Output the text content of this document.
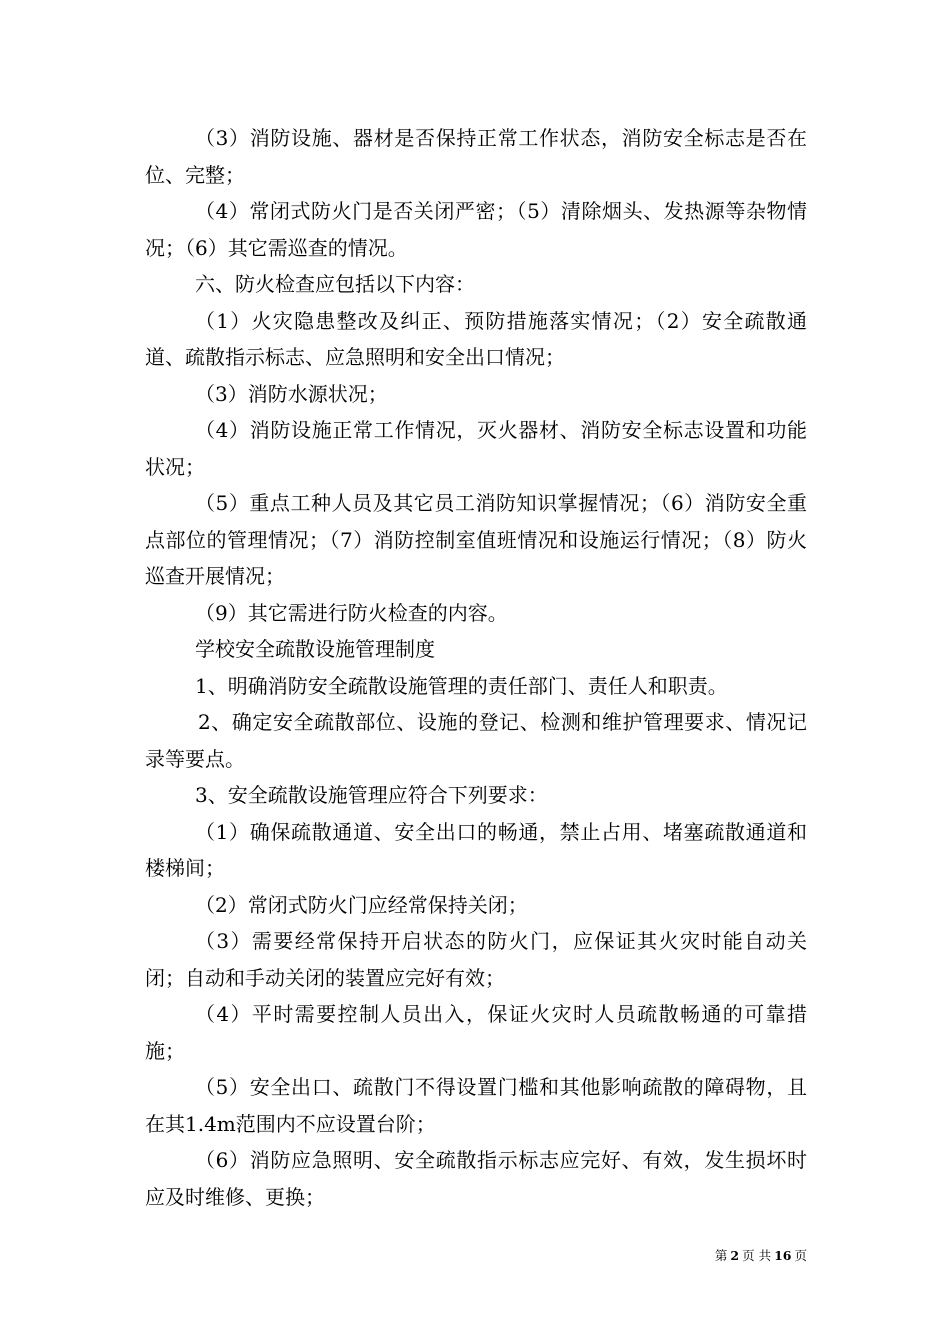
（3）消防设施、器材是否保持正常工作状态，消防安全标志是否在位、完整；

（4）常闭式防火门是否关闭严密；（5）清除烟头、发热源等杂物情况；（6）其它需巡查的情况。

六、防火检查应包括以下内容：

（1）火灾隐患整改及纠正、预防措施落实情况；（2）安全疏散通道、疏散指示标志、应急照明和安全出口情况；

（3）消防水源状况；

（4）消防设施正常工作情况，灭火器材、消防安全标志设置和功能状况；

（5）重点工种人员及其它员工消防知识掌握情况；（6）消防安全重点部位的管理情况；（7）消防控制室值班情况和设施运行情况；（8）防火巡查开展情况；

（9）其它需进行防火检查的内容。

学校安全疏散设施管理制度

1、明确消防安全疏散设施管理的责任部门、责任人和职责。

2、确定安全疏散部位、设施的登记、检测和维护管理要求、情况记录等要点。

3、安全疏散设施管理应符合下列要求：

（1）确保疏散通道、安全出口的畅通，禁止占用、堵塞疏散通道和楼梯间；

（2）常闭式防火门应经常保持关闭；

（3）需要经常保持开启状态的防火门，应保证其火灾时能自动关闭；自动和手动关闭的装置应完好有效；

（4）平时需要控制人员出入，保证火灾时人员疏散畅通的可靠措施；

（5）安全出口、疏散门不得设置门槛和其他影响疏散的障碍物，且在其1.4m范围内不应设置台阶；

（6）消防应急照明、安全疏散指示标志应完好、有效，发生损坏时应及时维修、更换；

第 2 页 共 16 页
